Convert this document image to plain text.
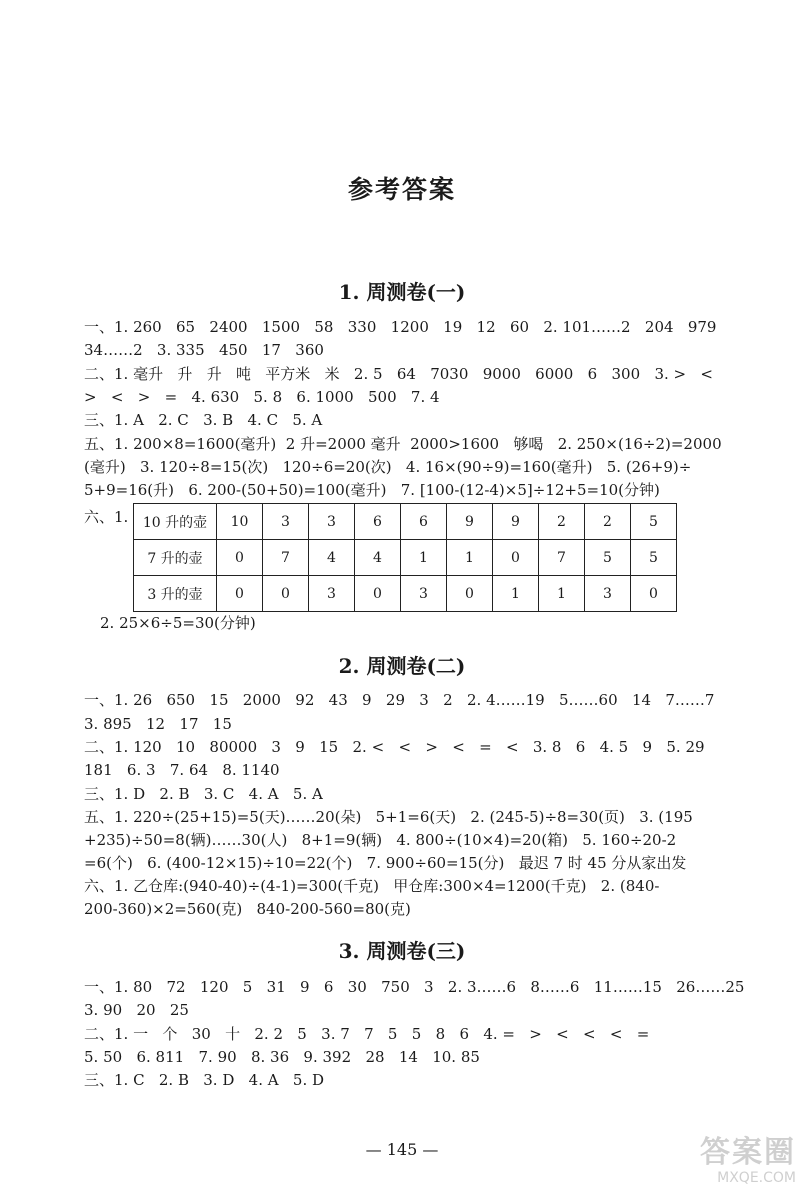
参考答案
1. 周测卷(一)
一、1. 260   65   2400   1500   58   330   1200   19   12   60   2. 101……2   204   979
34……2   3. 335   450   17   360
二、1. 毫升   升   升   吨   平方米   米   2. 5   64   7030   9000   6000   6   300   3. >   <
>   <   >   =   4. 630   5. 8   6. 1000   500   7. 4
三、1. A   2. C   3. B   4. C   5. A
五、1. 200×8=1600(毫升)  2 升=2000 毫升  2000>1600   够喝   2. 250×(16÷2)=2000
(毫升)   3. 120÷8=15(次)   120÷6=20(次)   4. 16×(90÷9)=160(毫升)   5. (26+9)÷
5+9=16(升)   6. 200-(50+50)=100(毫升)   7. [100-(12-4)×5]÷12+5=10(分钟)
六、1. 10 升的壶	10	3	3	6	6	9	9	2	2	5
7 升的壶	0	7	4	4	1	1	0	7	5	5
3 升的壶	0	0	3	0	3	0	1	1	3	0
2. 25×6÷5=30(分钟)
2. 周测卷(二)
一、1. 26   650   15   2000   92   43   9   29   3   2   2. 4……19   5……60   14   7……7
3. 895   12   17   15
二、1. 120   10   80000   3   9   15   2. <   <   >   <   =   <   3. 8   6   4. 5   9   5. 29
181   6. 3   7. 64   8. 1140
三、1. D   2. B   3. C   4. A   5. A
五、1. 220÷(25+15)=5(天)……20(朵)   5+1=6(天)   2. (245-5)÷8=30(页)   3. (195
+235)÷50=8(辆)……30(人)   8+1=9(辆)   4. 800÷(10×4)=20(箱)   5. 160÷20-2
=6(个)   6. (400-12×15)÷10=22(个)   7. 900÷60=15(分)   最迟 7 时 45 分从家出发
六、1. 乙仓库:(940-40)÷(4-1)=300(千克)   甲仓库:300×4=1200(千克)   2. (840-
200-360)×2=560(克)   840-200-560=80(克)
3. 周测卷(三)
一、1. 80   72   120   5   31   9   6   30   750   3   2. 3……6   8……6   11……15   26……25
3. 90   20   25
二、1. 一   个   30   十   2. 2   5   3. 7   7   5   5   8   6   4. =   >   <   <   <   =
5. 50   6. 811   7. 90   8. 36   9. 392   28   14   10. 85
三、1. C   2. B   3. D   4. A   5. D
— 145 —	答案圈
MXQE.COM
